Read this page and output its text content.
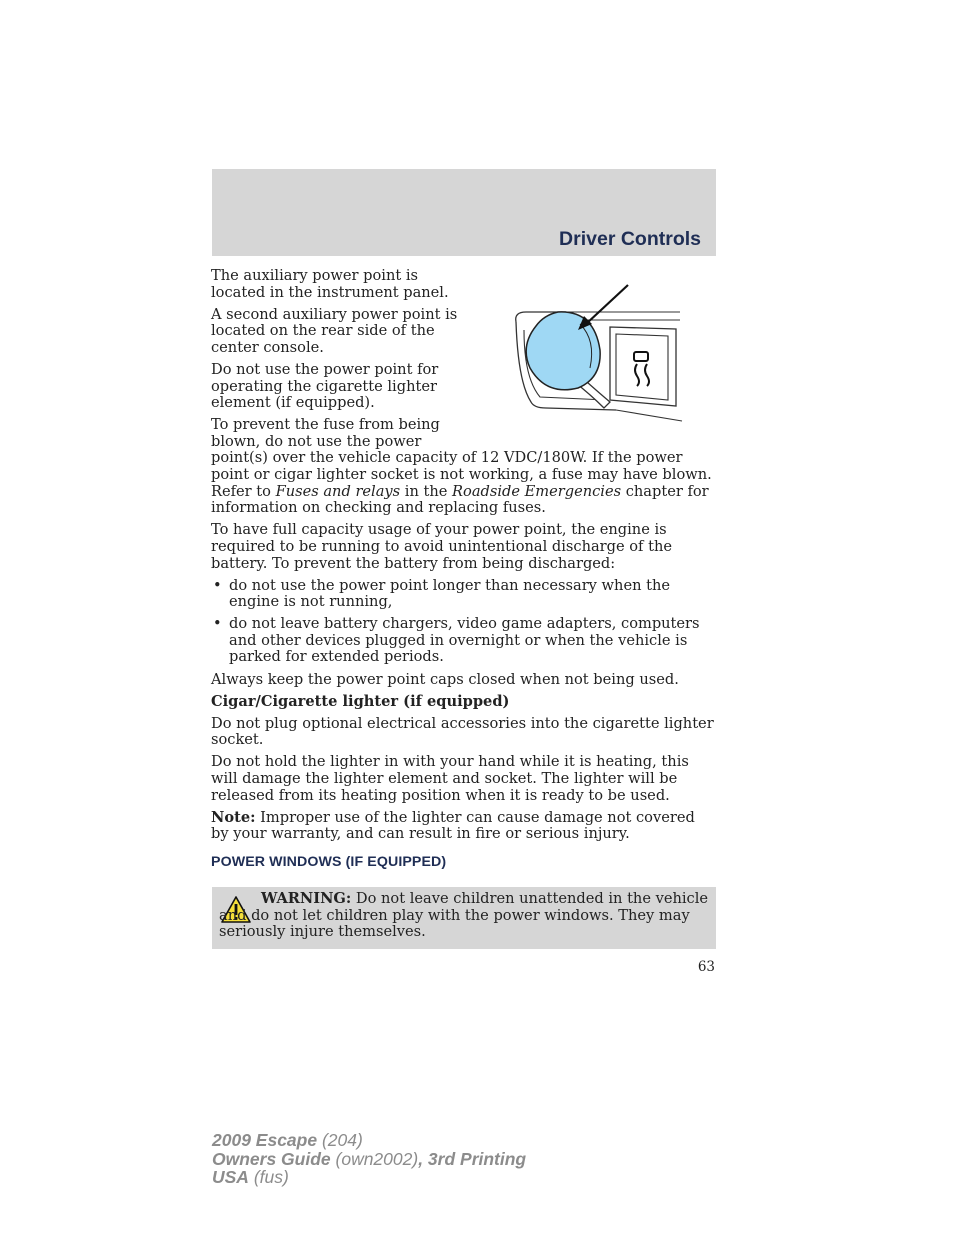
Driver Controls

The auxiliary power point is located in the instrument panel.

A second auxiliary power point is located on the rear side of the center console.

Do not use the power point for operating the cigarette lighter element (if equipped).

To prevent the fuse from being blown, do not use the power
point(s) over the vehicle capacity of 12 VDC/180W. If the power point or cigar lighter socket is not working, a fuse may have blown. Refer to Fuses and relays in the Roadside Emergencies chapter for information on checking and replacing fuses.

To have full capacity usage of your power point, the engine is required to be running to avoid unintentional discharge of the battery. To prevent the battery from being discharged:

• do not use the power point longer than necessary when the engine is not running,
• do not leave battery chargers, video game adapters, computers and other devices plugged in overnight or when the vehicle is parked for extended periods.

Always keep the power point caps closed when not being used.

Cigar/Cigarette lighter (if equipped)

Do not plug optional electrical accessories into the cigarette lighter socket.

Do not hold the lighter in with your hand while it is heating, this will damage the lighter element and socket. The lighter will be released from its heating position when it is ready to be used.

Note: Improper use of the lighter can cause damage not covered by your warranty, and can result in fire or serious injury.

POWER WINDOWS (IF EQUIPPED)
WARNING: Do not leave children unattended in the vehicle and do not let children play with the power windows. They may seriously injure themselves.
63
2009 Escape (204)
Owners Guide (own2002), 3rd Printing
USA (fus)
